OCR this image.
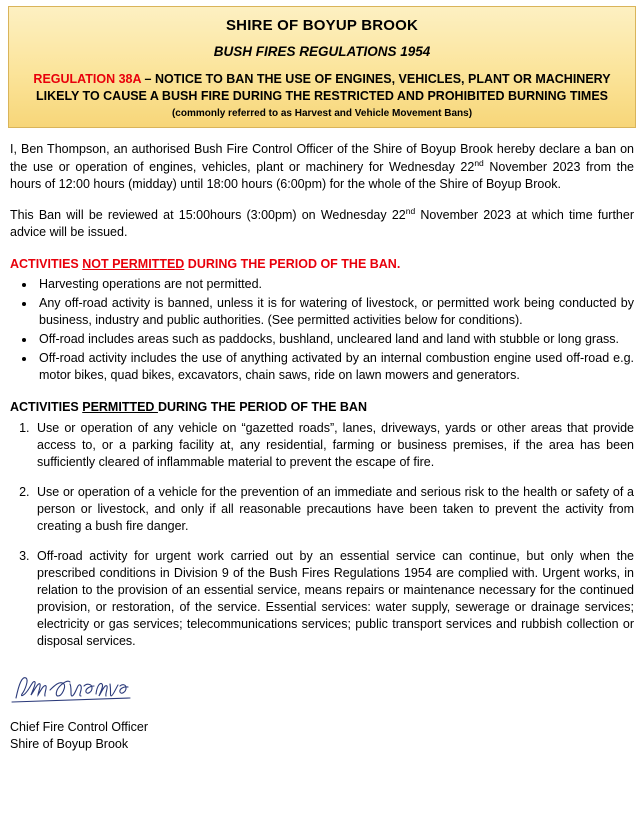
SHIRE OF BOYUP BROOK
BUSH FIRES REGULATIONS 1954
REGULATION 38A – NOTICE TO BAN THE USE OF ENGINES, VEHICLES, PLANT OR MACHINERY LIKELY TO CAUSE A BUSH FIRE DURING THE RESTRICTED AND PROHIBITED BURNING TIMES
(commonly referred to as Harvest and Vehicle Movement Bans)

I, Ben Thompson, an authorised Bush Fire Control Officer of the Shire of Boyup Brook hereby declare a ban on the use or operation of engines, vehicles, plant or machinery for Wednesday 22nd November 2023 from the hours of 12:00 hours (midday) until 18:00 hours (6:00pm) for the whole of the Shire of Boyup Brook.

This Ban will be reviewed at 15:00hours (3:00pm) on Wednesday 22nd November 2023 at which time further advice will be issued.

ACTIVITIES NOT PERMITTED DURING THE PERIOD OF THE BAN.
• Harvesting operations are not permitted.
• Any off-road activity is banned, unless it is for watering of livestock, or permitted work being conducted by business, industry and public authorities. (See permitted activities below for conditions).
• Off-road includes areas such as paddocks, bushland, uncleared land and land with stubble or long grass.
• Off-road activity includes the use of anything activated by an internal combustion engine used off-road e.g. motor bikes, quad bikes, excavators, chain saws, ride on lawn mowers and generators.
ACTIVITIES PERMITTED DURING THE PERIOD OF THE BAN
1. Use or operation of any vehicle on “gazetted roads”, lanes, driveways, yards or other areas that provide access to, or a parking facility at, any residential, farming or business premises, if the area has been sufficiently cleared of inflammable material to prevent the escape of fire.
2. Use or operation of a vehicle for the prevention of an immediate and serious risk to the health or safety of a person or livestock, and only if all reasonable precautions have been taken to prevent the activity from creating a bush fire danger.
3. Off-road activity for urgent work carried out by an essential service can continue, but only when the prescribed conditions in Division 9 of the Bush Fires Regulations 1954 are complied with. Urgent works, in relation to the provision of an essential service, means repairs or maintenance necessary for the continued provision, or restoration, of the service. Essential services: water supply, sewerage or drainage services; electricity or gas services; telecommunications services; public transport services and rubbish collection or disposal services.
Chief Fire Control Officer
Shire of Boyup Brook
